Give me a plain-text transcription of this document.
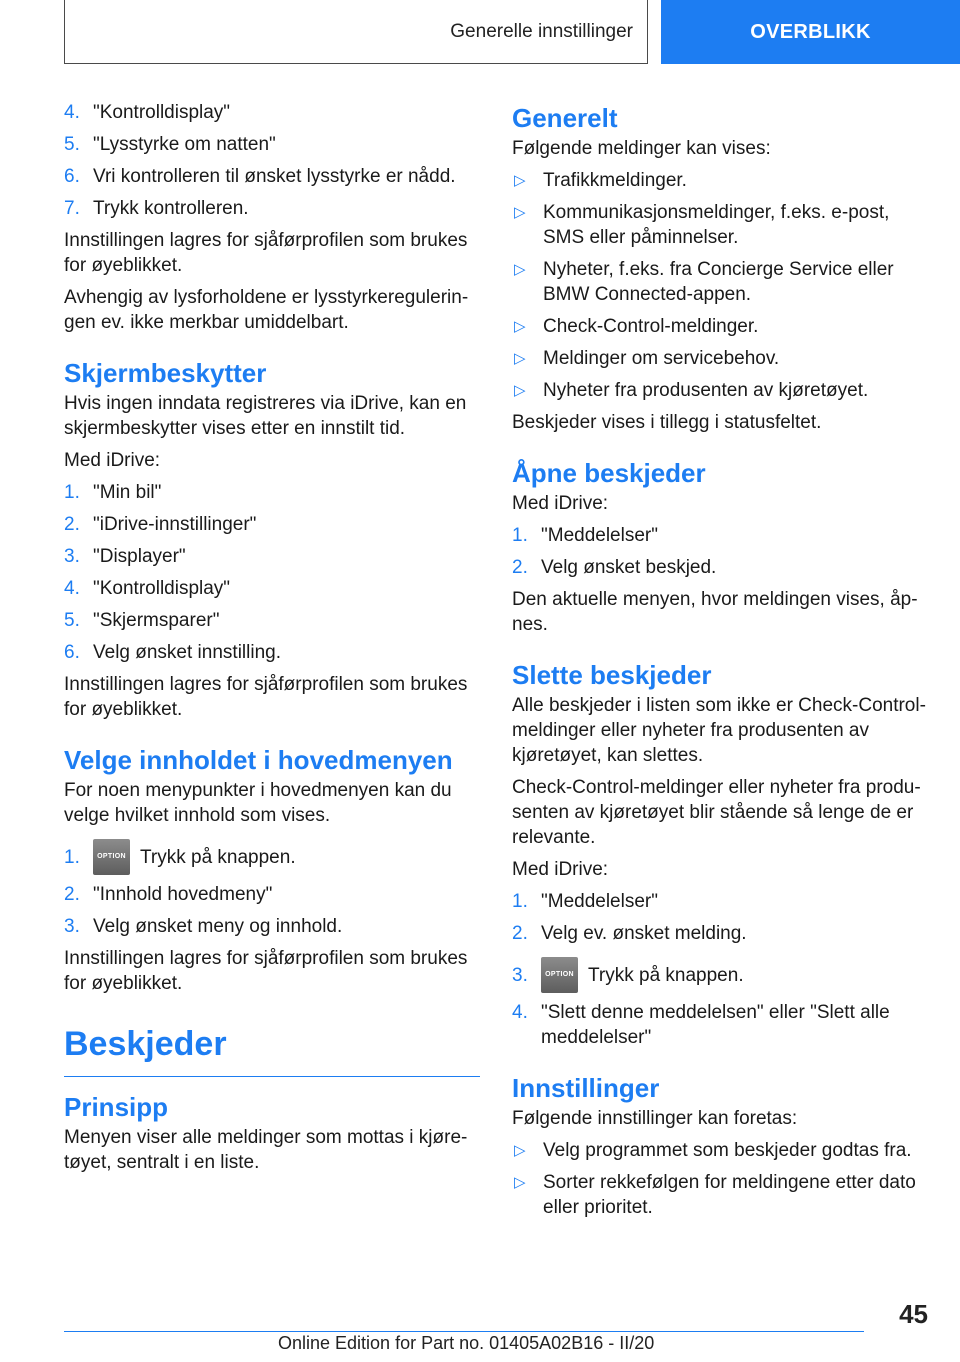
Generelle innstillinger	OVERBLIKK
4. "Kontrolldisplay"
5. "Lysstyrke om natten"
6. Vri kontrolleren til ønsket lysstyrke er nådd.
7. Trykk kontrolleren.

Innstillingen lagres for sjåførprofilen som brukes for øyeblikket.

Avhengig av lysforholdene er lysstyrkereguleringen ev. ikke merkbar umiddelbart.

Skjermbeskytter

Hvis ingen inndata registreres via iDrive, kan en skjermbeskytter vises etter en innstilt tid.

Med iDrive:

1. "Min bil"
2. "iDrive-innstillinger"
3. "Displayer"
4. "Kontrolldisplay"
5. "Skjermsparer"
6. Velg ønsket innstilling.

Innstillingen lagres for sjåførprofilen som brukes for øyeblikket.

Velge innholdet i hovedmenyen

For noen menypunkter i hovedmenyen kan du velge hvilket innhold som vises.

1.	OPTION Trykk på knappen.
2. "Innhold hovedmeny"
3. Velg ønsket meny og innhold.

Innstillingen lagres for sjåførprofilen som brukes for øyeblikket.

Beskjeder
Prinsipp

Menyen viser alle meldinger som mottas i kjøretøyet, sentralt i en liste.

Generelt

Følgende meldinger kan vises:

▷ Trafikkmeldinger.
▷ Kommunikasjonsmeldinger, f.eks. e-post, SMS eller påminnelser.
▷ Nyheter, f.eks. fra Concierge Service eller BMW Connected-appen.
▷ Check-Control-meldinger.
▷ Meldinger om servicebehov.
▷ Nyheter fra produsenten av kjøretøyet.

Beskjeder vises i tillegg i statusfeltet.

Åpne beskjeder

Med iDrive:

1. "Meddelelser"
2. Velg ønsket beskjed.

Den aktuelle menyen, hvor meldingen vises, åpnes.

Slette beskjeder

Alle beskjeder i listen som ikke er Check-Control-meldinger eller nyheter fra produsenten av kjøretøyet, kan slettes.

Check-Control-meldinger eller nyheter fra produsenten av kjøretøyet blir stående så lenge de er relevante.

Med iDrive:

1. "Meddelelser"
2. Velg ev. ønsket melding.
3.	OPTION Trykk på knappen.
4. "Slett denne meddelelsen" eller "Slett alle meddelelser"
Innstillinger

Følgende innstillinger kan foretas:

▷ Velg programmet som beskjeder godtas fra.
▷ Sorter rekkefølgen for meldingene etter dato eller prioritet.
45
Online Edition for Part no. 01405A02B16 - II/20
